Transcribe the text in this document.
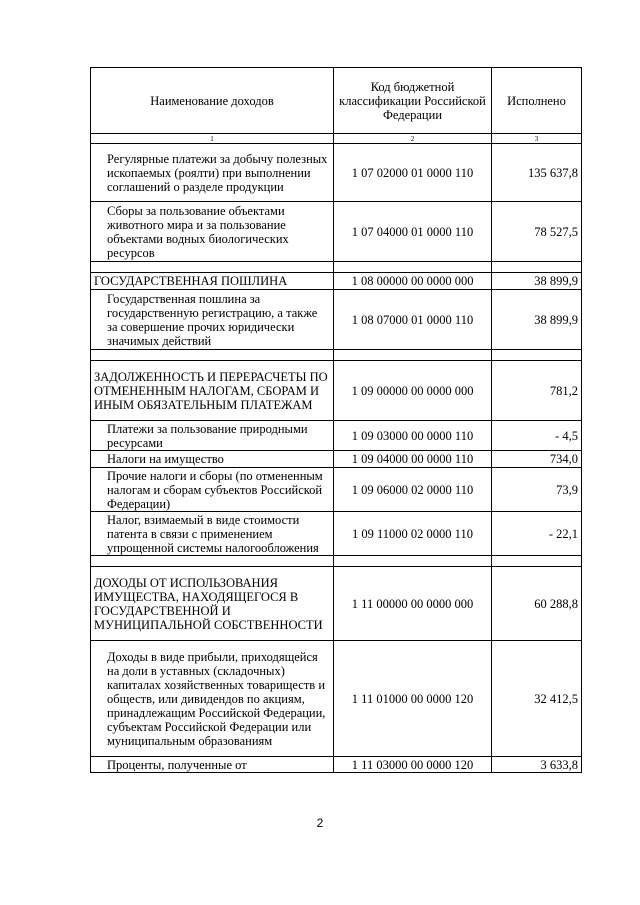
Наименование доходов	Код бюджетной классификации Российской Федерации	Исполнено
1	2	3
Регулярные платежи за добычу полезных ископаемых (роялти) при выполнении соглашений о разделе продукции	1 07 02000 01 0000 110	135 637,8
Сборы за пользование объектами животного мира и за пользование объектами водных биологических ресурсов	1 07 04000 01 0000 110	78 527,5

ГОСУДАРСТВЕННАЯ ПОШЛИНА	1 08 00000 00 0000 000	38 899,9
Государственная пошлина за государственную регистрацию, а также за совершение прочих юридически значимых действий	1 08 07000 01 0000 110	38 899,9

ЗАДОЛЖЕННОСТЬ И ПЕРЕРАСЧЕТЫ ПО ОТМЕНЕННЫМ НАЛОГАМ, СБОРАМ И ИНЫМ ОБЯЗАТЕЛЬНЫМ ПЛАТЕЖАМ	1 09 00000 00 0000 000	781,2
Платежи за пользование природными ресурсами	1 09 03000 00 0000 110	- 4,5
Налоги на имущество	1 09 04000 00 0000 110	734,0
Прочие налоги и сборы (по отмененным налогам и сборам субъектов Российской Федерации)	1 09 06000 02 0000 110	73,9
Налог, взимаемый в виде стоимости патента в связи с применением упрощенной системы налогообложения	1 09 11000 02 0000 110	- 22,1

ДОХОДЫ ОТ ИСПОЛЬЗОВАНИЯ ИМУЩЕСТВА, НАХОДЯЩЕГОСЯ В ГОСУДАРСТВЕННОЙ И МУНИЦИПАЛЬНОЙ СОБСТВЕННОСТИ	1 11 00000 00 0000 000	60 288,8
Доходы в виде прибыли, приходящейся на доли в уставных (складочных) капиталах хозяйственных товариществ и обществ, или дивидендов по акциям, принадлежащим Российской Федерации, субъектам Российской Федерации или муниципальным образованиям	1 11 01000 00 0000 120	32 412,5
Проценты, полученные от	1 11 03000 00 0000 120	3 633,8
2
